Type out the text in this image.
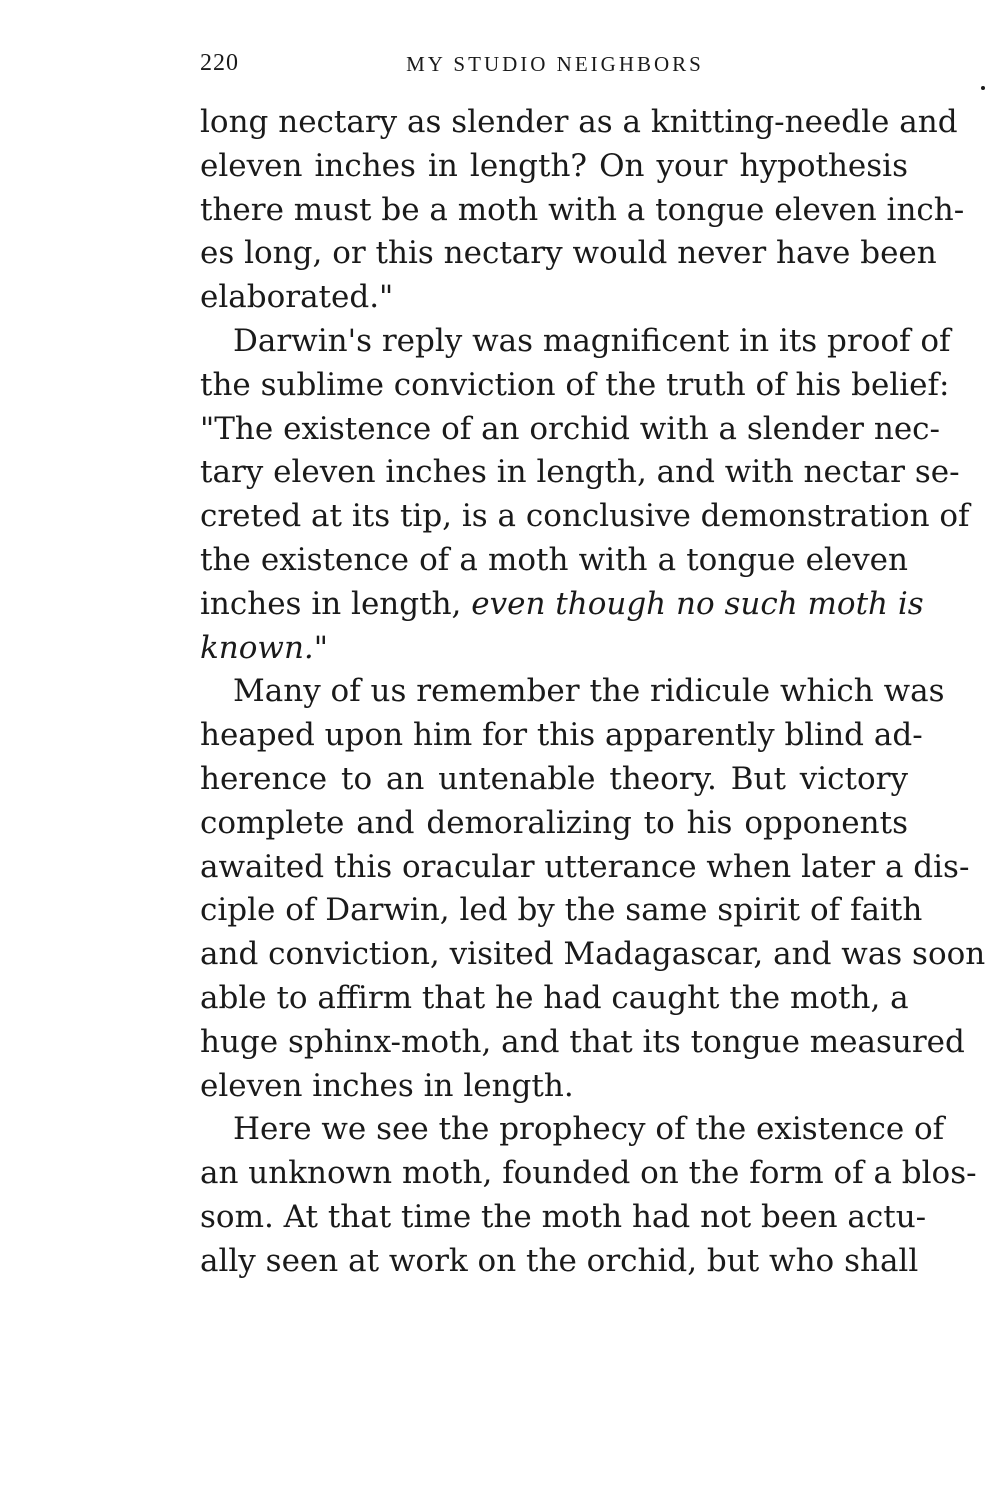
220	MY STUDIO NEIGHBORS
long nectary as slender as a knitting-needle and
eleven inches in length? On your hypothesis
there must be a moth with a tongue eleven inch-
es long, or this nectary would never have been
elaborated."
Darwin's reply was magnificent in its proof of
the sublime conviction of the truth of his belief:
"The existence of an orchid with a slender nec-
tary eleven inches in length, and with nectar se-
creted at its tip, is a conclusive demonstration of
the existence of a moth with a tongue eleven
inches in length, even though no such moth is
known."
Many of us remember the ridicule which was
heaped upon him for this apparently blind ad-
herence to an untenable theory. But victory
complete and demoralizing to his opponents
awaited this oracular utterance when later a dis-
ciple of Darwin, led by the same spirit of faith
and conviction, visited Madagascar, and was soon
able to affirm that he had caught the moth, a
huge sphinx-moth, and that its tongue measured
eleven inches in length.
Here we see the prophecy of the existence of
an unknown moth, founded on the form of a blos-
som. At that time the moth had not been actu-
ally seen at work on the orchid, but who shall
